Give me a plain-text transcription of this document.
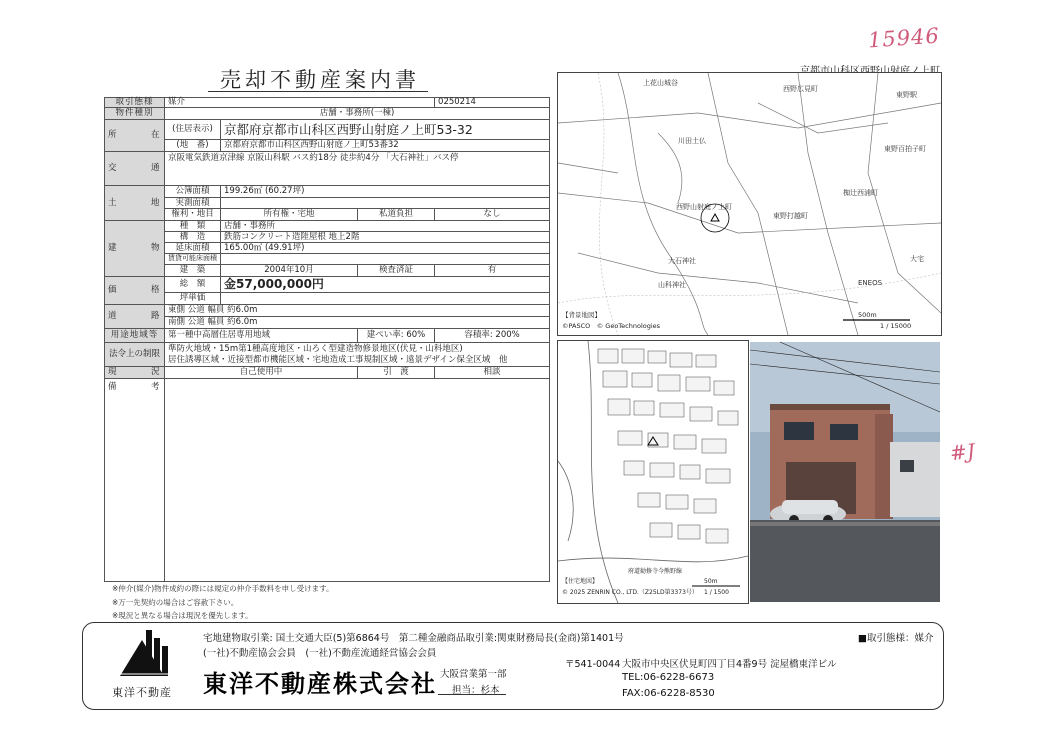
15946
#J
売却不動産案内書
取引態様	媒介			0250214
物件種別	店舗・事務所(一棟)			
所　在	(住居表示)	京都府京都市山科区西野山射庭ノ上町53-32		
	(地　番)	京都府京都市山科区西野山射庭ノ上町53番32		
交　通	京阪電気鉄道京津線 京阪山科駅 バス約18分 徒歩約4分 「大石神社」バス停			
土　地	公簿面積	199.26㎡ (60.27坪)		
	実測面積			
	権利・地目	所有権・宅地	私道負担	なし
建　物	種　類	店舗・事務所		
	構　造	鉄筋コンクリート造陸屋根 地上2階		
	延床面積	165.00㎡ (49.91坪)		
	賃貸可能床面積			
	建　築	2004年10月	検査済証	有
価　格	総　額	金57,000,000円		
	坪単価			
道　路	東側 公道 幅員 約6.0m			
	南側 公道 幅員 約6.0m			
用途地域等	第一種中高層住居専用地域		建ぺい率: 60%	容積率: 200%
法令上の制限	準防火地域・15m第1種高度地区・山ろく型建造物修景地区(伏見・山科地区)
居住誘導区域・近接型都市機能区域・宅地造成工事規制区域・遠景デザイン保全区域　他			

現　況	自己使用中		引　渡	相談
備　考				
※仲介(媒介)物件成約の際には規定の仲介手数料を申し受けます。
※万一先契約の場合はご容赦下さい。
※現況と異なる場合は現況を優先します。
上花山城谷
西野広見町
東野駅
川田土仏
東野百拍子町
椥辻西浦町
西野山射庭ノ上町
東野打越町
大宅
ENEOS
山科神社
大石神社
【背景地図】
©PASCO　© GeoTechnologies
500m
1 / 15000
府道勧修寺今熊野線
【住宅地図】
© 2025 ZENRIN CO., LTD.（Z25LD第3373号）
50m
1 / 1500
東洋不動産
宅地建物取引業: 国土交通大臣(5)第6864号　第二種金融商品取引業:関東財務局長(金商)第1401号
(一社)不動産協会会員　(一社)不動産流通経営協会会員
■取引態様：媒介
東洋不動産株式会社 大阪営業第一部
担当：杉本
〒541-0044 大阪市中央区伏見町四丁目4番9号 淀屋橋東洋ビル
TEL:06-6228-6673
FAX:06-6228-8530
